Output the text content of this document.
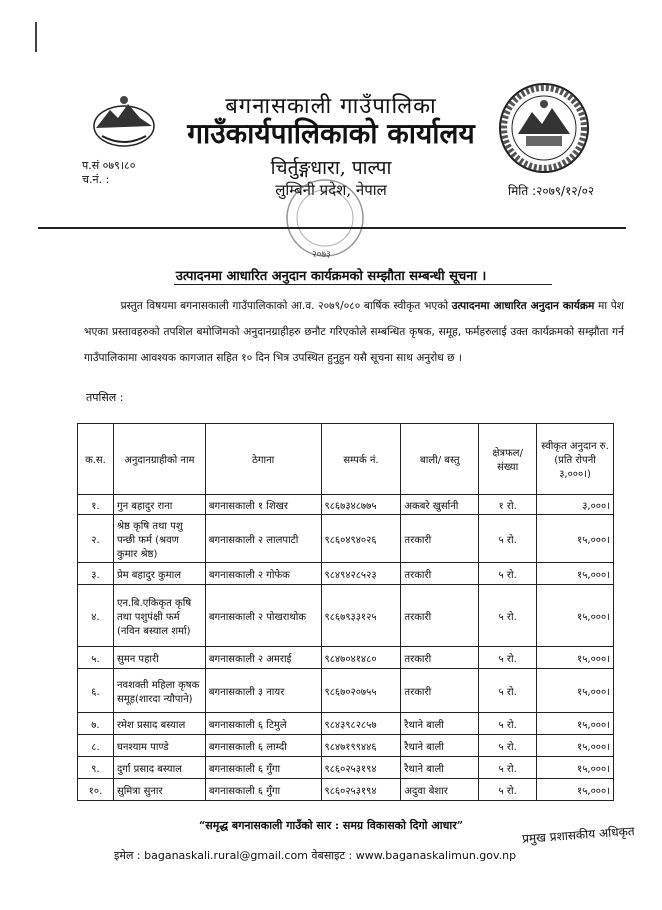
बगनासकाली गाउँपालिका
गाउँकार्यपालिकाको कार्यालय
चिर्तुङ्गधारा, पाल्पा
लुम्बिनी प्रदेश, नेपाल
प.सं ०७९।८०
च.नं. :
मिति :२०७९/१२/०२
२०७३
उत्पादनमा आधारित अनुदान कार्यक्रमको सम्झौता सम्बन्धी सूचना ।
प्रस्तुत विषयमा बगनासकाली गाउँपालिकाको आ.व. २०७९/०८० बार्षिक स्वीकृत भएको उत्पादनमा आधारित अनुदान कार्यक्रम मा पेश भएका प्रस्तावहरुको तपशिल बमोजिमको अनुदानग्राहीहरु छनौट गरिएकोले सम्बन्धित कृषक, समूह, फर्महरुलाई उक्त कार्यक्रमको सम्झौता गर्न गाउँपालिकामा आवश्यक कागजात सहित १० दिन भित्र उपस्थित हुनुहुन यसै सूचना साथ अनुरोध छ ।
तपसिल :
क.स.	अनुदानग्राहीको नाम	ठेगाना	सम्पर्क नं.	बाली/ बस्तु	क्षेत्रफल/ संख्या	स्वीकृत अनुदान रु. (प्रति रोपनी ३,०००।)
१.	गुन बहादुर राना	बगनासकाली १ शिखर	९८६७३४८७७५	अकबरे खुर्सानी	१ रो.	३,०००।
२.	श्रेष्ठ कृषि तथा पशु पन्छी फर्म (श्रवण कुमार श्रेष्ठ)	बगनासकाली २ लालपाटी	९८६०४९४०२६	तरकारी	५ रो.	१५,०००।
३.	प्रेम बहादुर कुमाल	बगनासकाली २ गोफेक	९८४९४२८५२३	तरकारी	५ रो.	१५,०००।
४.	एन.बि.एकिकृत कृषि तथा पशुपंक्षी फर्म (नविन बस्याल शर्मा)	बगनासकाली २ पोखराथोक	९८६७९३३१२५	तरकारी	५ रो.	१५,०००।
५.	सुमन पहारी	बगनासकाली २ अमराई	९८४७०४१४८०	तरकारी	५ रो.	१५,०००।
६.	नवशक्ती महिला कृषक समूह(शारदा न्यौपाने)	बगनासकाली ३ नायर	९८६७०२०७५५	तरकारी	५ रो.	१५,०००।
७.	रमेश प्रसाद बस्याल	बगनासकाली ६ टिमुले	९८४३९८२८५७	रैथाने बाली	५ रो.	१५,०००।
८.	घनश्याम पाण्डे	बगनासकाली ६ लाम्दी	९८४७१९९४४६	रैथाने बाली	५ रो.	१५,०००।
९.	दुर्गा प्रसाद बस्याल	बगनासकाली ६ गुँगा	९८६०२५३१९४	रैथाने बाली	५ रो.	१५,०००।
१०.	सुमित्रा सुनार	बगनासकाली ६ गुँगा	९८६०२५३१९४	अदुवा बेशार	५ रो.	१५,०००।
“समृद्ध बगनासकाली गाउँको सार : समग्र विकासको दिगो आधार”	प्रमुख प्रशासकीय अधिकृत
इमेल : baganaskali.rural@gmail.com वेबसाइट : www.baganaskalimun.gov.np
